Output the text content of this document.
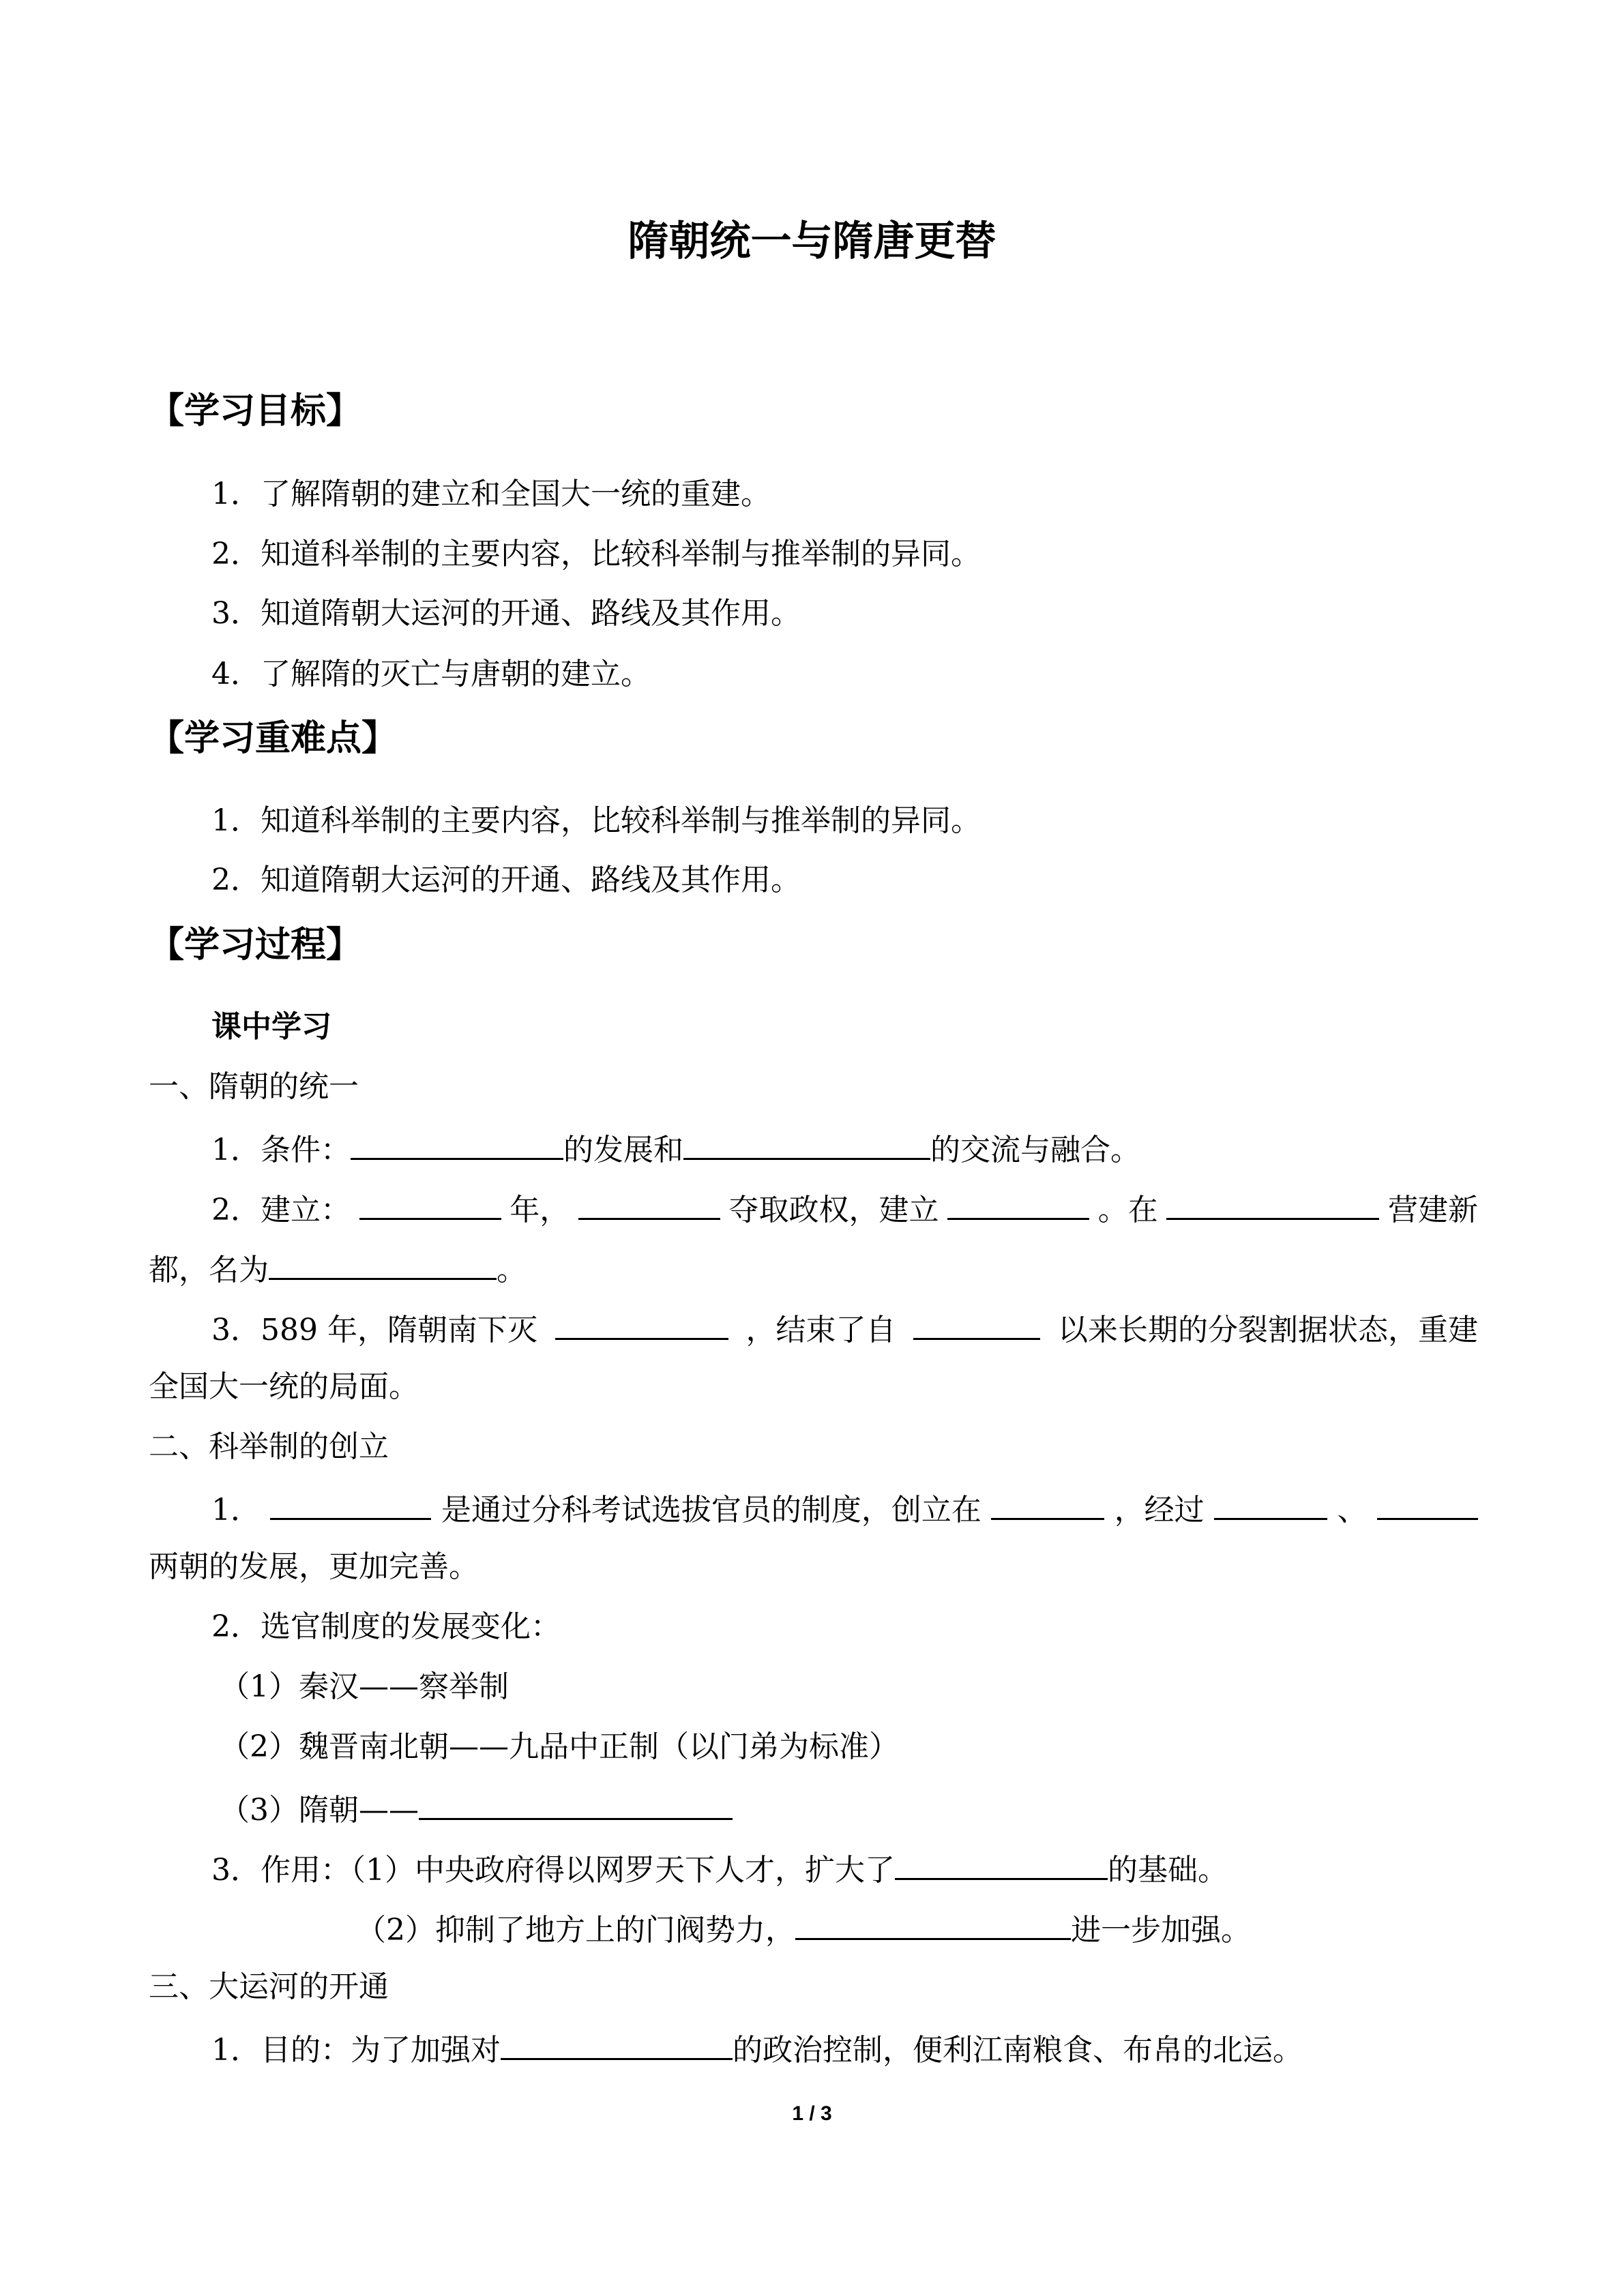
隋朝统一与隋唐更替
【学习目标】
1．了解隋朝的建立和全国大一统的重建。
2．知道科举制的主要内容，比较科举制与推举制的异同。
3．知道隋朝大运河的开通、路线及其作用。
4．了解隋的灭亡与唐朝的建立。
【学习重难点】
1．知道科举制的主要内容，比较科举制与推举制的异同。
2．知道隋朝大运河的开通、路线及其作用。
【学习过程】
课中学习
一、隋朝的统一
1．条件：	的发展和	的交流与融合。
2．建立：	年，	夺取政权，建立	。在	营建新
都，名为	。
3．589 年，隋朝南下灭	，结束了自	以来长期的分裂割据状态，重建
全国大一统的局面。
二、科举制的创立
1．	是通过分科考试选拔官员的制度，创立在	，经过	、
两朝的发展，更加完善。
2．选官制度的发展变化：
（1）秦汉——察举制
（2）魏晋南北朝——九品中正制（以门弟为标准）
（3）隋朝——
3．作用：（1）中央政府得以网罗天下人才，扩大了	的基础。
（2）抑制了地方上的门阀势力，	进一步加强。
三、大运河的开通
1．目的：为了加强对	的政治控制，便利江南粮食、布帛的北运。
1 / 3
